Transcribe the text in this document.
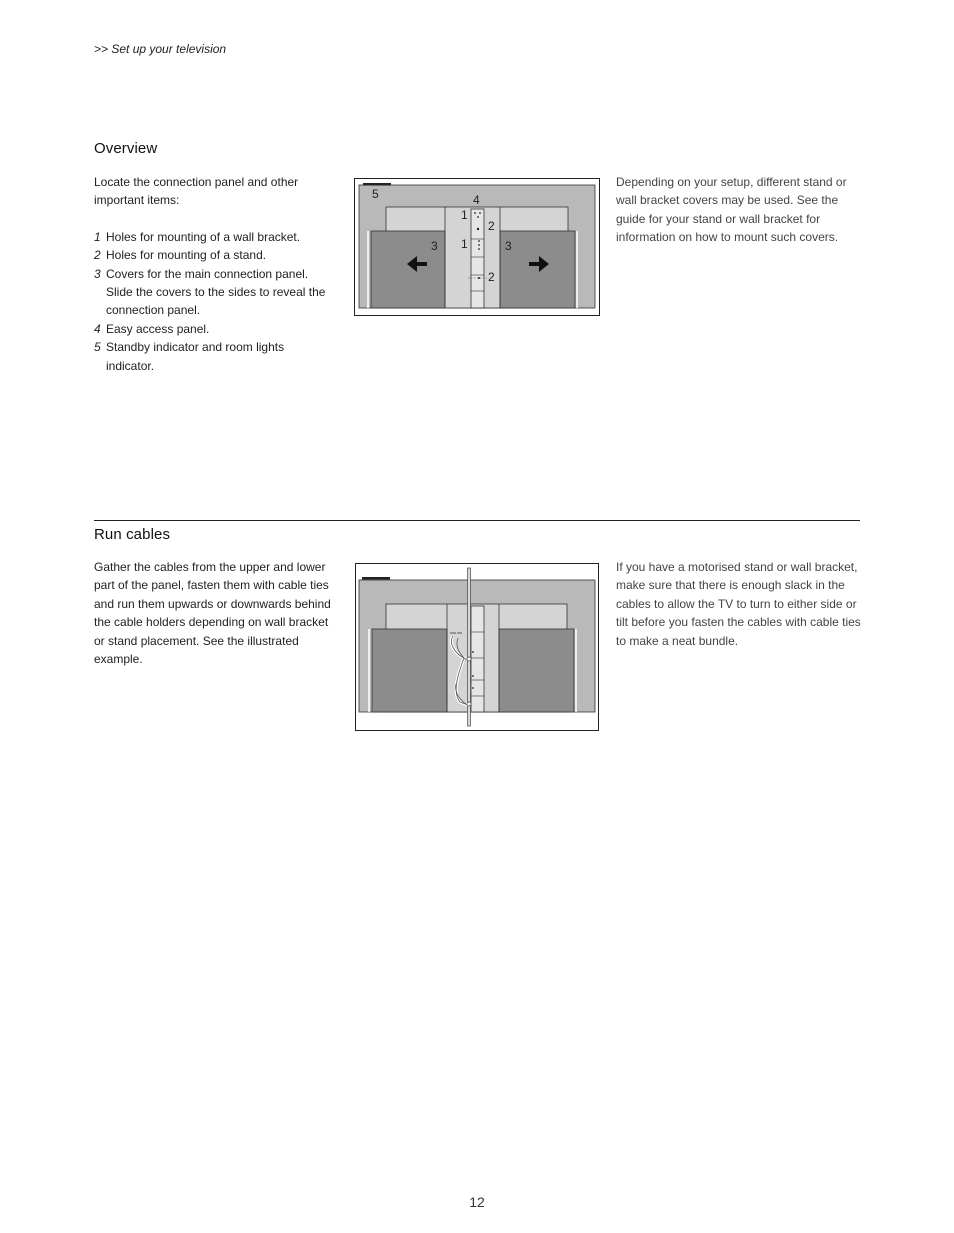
>> Set up your television
Overview
Locate the connection panel and other important items:
1 Holes for mounting of a wall bracket.
2 Holes for mounting of a stand.
3 Covers for the main connection panel. Slide the covers to the sides to reveal the connection panel.
4 Easy access panel.
5 Standby indicator and room lights indicator.
5	4
1
2
3 1	3
2
Depending on your setup, different stand or wall bracket covers may be used. See the guide for your stand or wall bracket for information on how to mount such covers.
Run cables
Gather the cables from the upper and lower part of the panel, fasten them with cable ties and run them upwards or downwards behind the cable holders depending on wall bracket or stand placement. See the illustrated example.
If you have a motorised stand or wall bracket, make sure that there is enough slack in the cables to allow the TV to turn to either side or tilt before you fasten the cables with cable ties to make a neat bundle.
12
